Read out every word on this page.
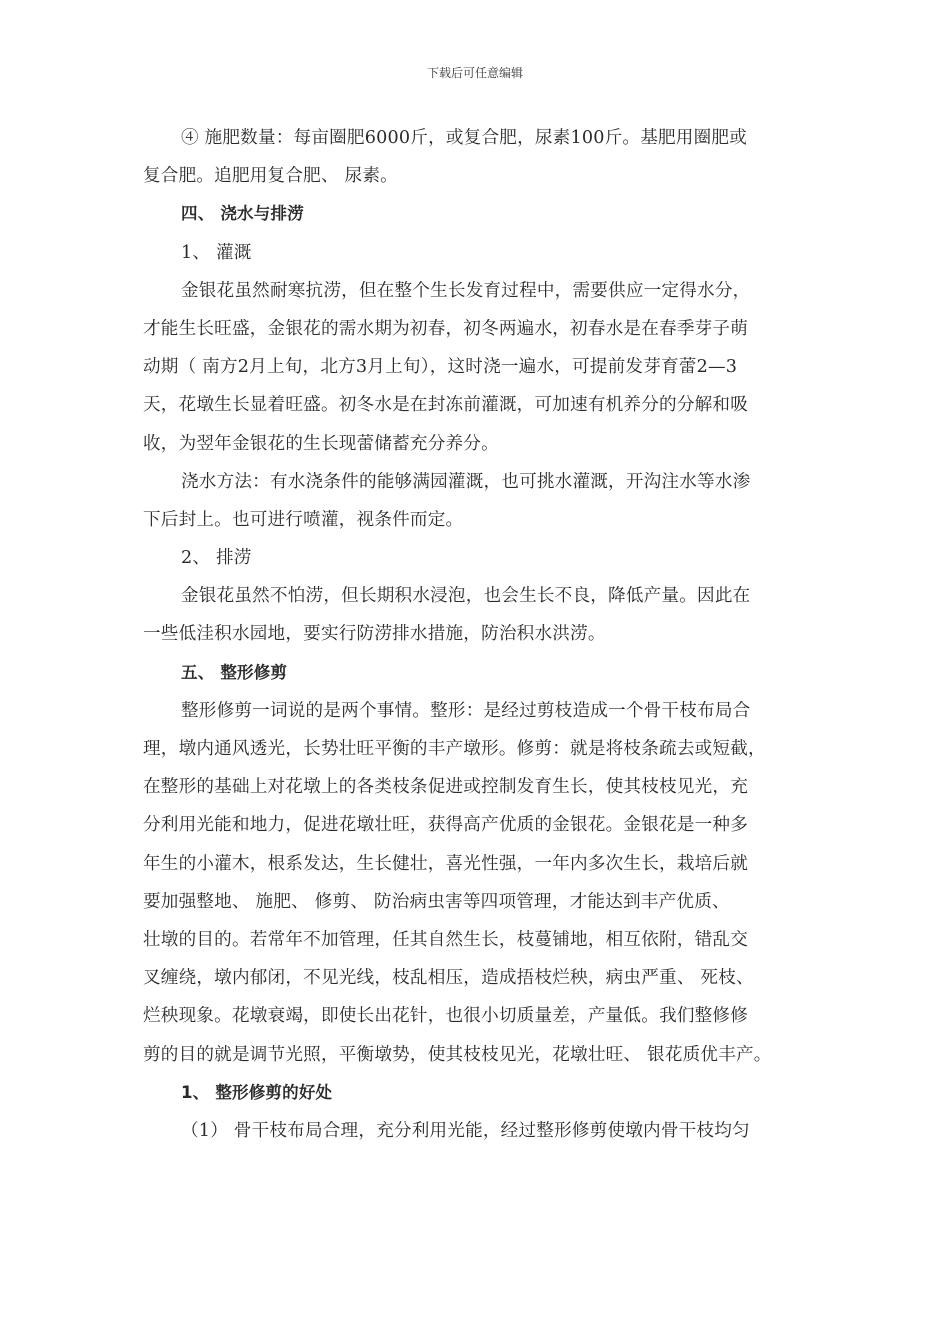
下载后可任意编辑
④ 施肥数量：每亩圈肥6000斤，或复合肥，尿素100斤。基肥用圈肥或
复合肥。追肥用复合肥、 尿素。
四、 浇水与排涝
1、 灌溉
金银花虽然耐寒抗涝，但在整个生长发育过程中，需要供应一定得水分，
才能生长旺盛，金银花的需水期为初春，初冬两遍水，初春水是在春季芽子萌
动期（ 南方2月上旬，北方3月上旬），这时浇一遍水，可提前发芽育蕾2—3
天，花墩生长显着旺盛。初冬水是在封冻前灌溉，可加速有机养分的分解和吸
收，为翌年金银花的生长现蕾储蓄充分养分。
浇水方法：有水浇条件的能够满园灌溉，也可挑水灌溉，开沟注水等水渗
下后封上。也可进行喷灌，视条件而定。
2、 排涝
金银花虽然不怕涝，但长期积水浸泡，也会生长不良，降低产量。因此在
一些低洼积水园地，要实行防涝排水措施，防治积水洪涝。
五、 整形修剪
整形修剪一词说的是两个事情。整形：是经过剪枝造成一个骨干枝布局合
理，墩内通风透光，长势壮旺平衡的丰产墩形。修剪：就是将枝条疏去或短截，
在整形的基础上对花墩上的各类枝条促进或控制发育生长，使其枝枝见光，充
分利用光能和地力，促进花墩壮旺，获得高产优质的金银花。金银花是一种多
年生的小灌木，根系发达，生长健壮，喜光性强，一年内多次生长，栽培后就
要加强整地、 施肥、 修剪、 防治病虫害等四项管理，才能达到丰产优质、
壮墩的目的。若常年不加管理，任其自然生长，枝蔓铺地，相互依附，错乱交
叉缠绕，墩内郁闭，不见光线，枝乱相压，造成捂枝烂秧，病虫严重、 死枝、
烂秧现象。花墩衰竭，即使长出花针，也很小切质量差，产量低。我们整修修
剪的目的就是调节光照，平衡墩势，使其枝枝见光，花墩壮旺、 银花质优丰产。
1、 整形修剪的好处
（1） 骨干枝布局合理，充分利用光能，经过整形修剪使墩内骨干枝均匀
